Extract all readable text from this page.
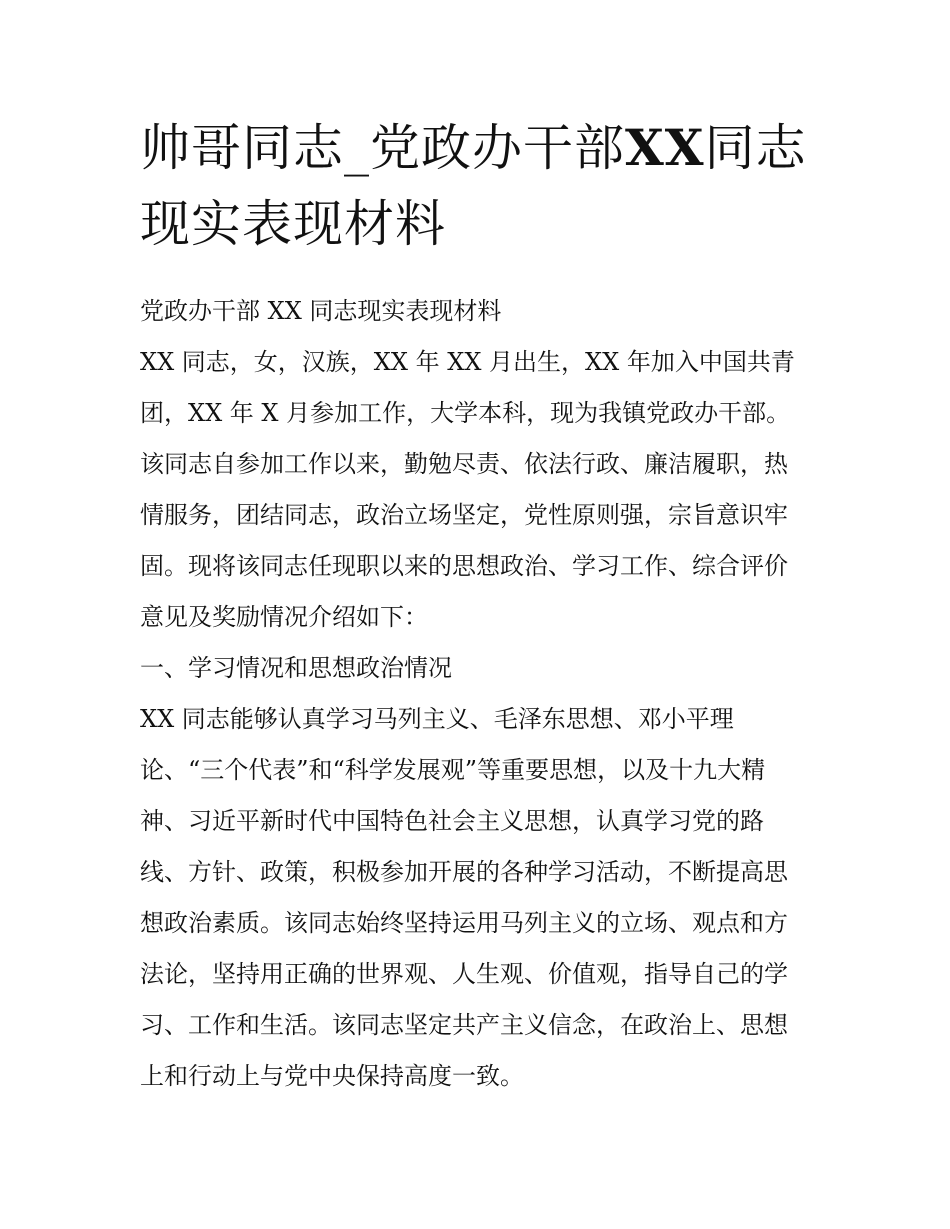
帅哥同志_党政办干部XX同志
现实表现材料

党政办干部 XX 同志现实表现材料
XX 同志，女，汉族，XX 年 XX 月出生，XX 年加入中国共青
团，XX 年 X 月参加工作，大学本科，现为我镇党政办干部。
该同志自参加工作以来，勤勉尽责、依法行政、廉洁履职，热
情服务，团结同志，政治立场坚定，党性原则强，宗旨意识牢
固。现将该同志任现职以来的思想政治、学习工作、综合评价
意见及奖励情况介绍如下：
一、学习情况和思想政治情况
XX 同志能够认真学习马列主义、毛泽东思想、邓小平理
论、“三个代表”和“科学发展观”等重要思想，以及十九大精
神、习近平新时代中国特色社会主义思想，认真学习党的路
线、方针、政策，积极参加开展的各种学习活动，不断提高思
想政治素质。该同志始终坚持运用马列主义的立场、观点和方
法论，坚持用正确的世界观、人生观、价值观，指导自己的学
习、工作和生活。该同志坚定共产主义信念，在政治上、思想
上和行动上与党中央保持高度一致。
